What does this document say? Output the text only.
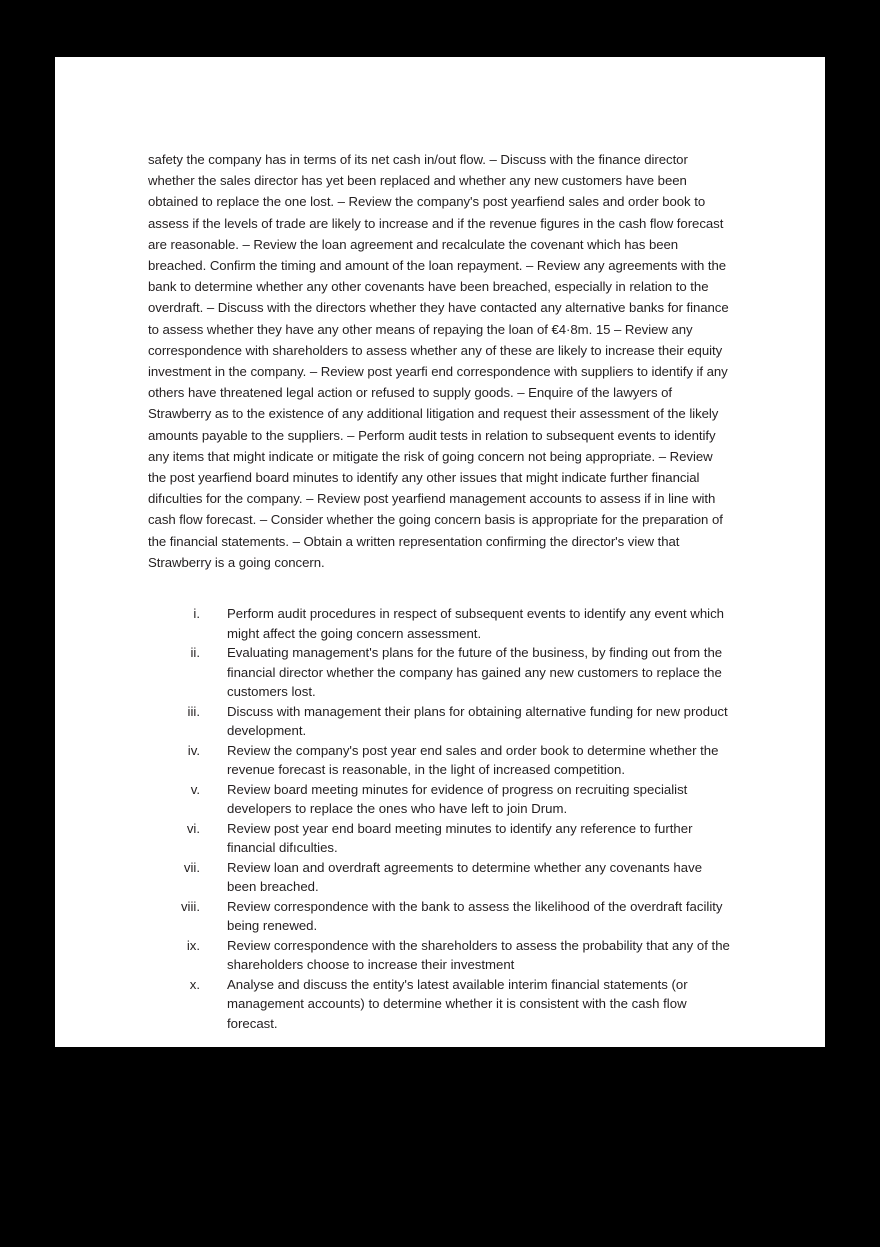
safety the company has in terms of its net cash in/out flow. – Discuss with the finance director whether the sales director has yet been replaced and whether any new customers have been obtained to replace the one lost. – Review the company's post yearfiend sales and order book to assess if the levels of trade are likely to increase and if the revenue figures in the cash flow forecast are reasonable. – Review the loan agreement and recalculate the covenant which has been breached. Confirm the timing and amount of the loan repayment. – Review any agreements with the bank to determine whether any other covenants have been breached, especially in relation to the overdraft. – Discuss with the directors whether they have contacted any alternative banks for finance to assess whether they have any other means of repaying the loan of €4·8m. 15 – Review any correspondence with shareholders to assess whether any of these are likely to increase their equity investment in the company. – Review post yearfi end correspondence with suppliers to identify if any others have threatened legal action or refused to supply goods. – Enquire of the lawyers of Strawberry as to the existence of any additional litigation and request their assessment of the likely amounts payable to the suppliers. – Perform audit tests in relation to subsequent events to identify any items that might indicate or mitigate the risk of going concern not being appropriate. – Review the post yearfiend board minutes to identify any other issues that might indicate further financial difıculties for the company. – Review post yearfiend management accounts to assess if in line with cash flow forecast. – Consider whether the going concern basis is appropriate for the preparation of the financial statements. – Obtain a written representation confirming the director's view that Strawberry is a going concern.

i.	Perform audit procedures in respect of subsequent events to identify any event which might affect the going concern assessment.
ii.	Evaluating management's plans for the future of the business, by finding out from the financial director whether the company has gained any new customers to replace the customers lost.
iii.	Discuss with management their plans for obtaining alternative funding for new product development.
iv.	Review the company's post year end sales and order book to determine whether the revenue forecast is reasonable, in the light of increased competition.
v.	Review board meeting minutes for evidence of progress on recruiting specialist developers to replace the ones who have left to join Drum.
vi.	Review post year end board meeting minutes to identify any reference to further financial difıculties.
vii.	Review loan and overdraft agreements to determine whether any covenants have been breached.
viii.	Review correspondence with the bank to assess the likelihood of the overdraft facility being renewed.
ix.	Review correspondence with the shareholders to assess the probability that any of the shareholders choose to increase their investment
x.	Analyse and discuss the entity's latest available interim financial statements (or management accounts) to determine whether it is consistent with the cash flow forecast.
